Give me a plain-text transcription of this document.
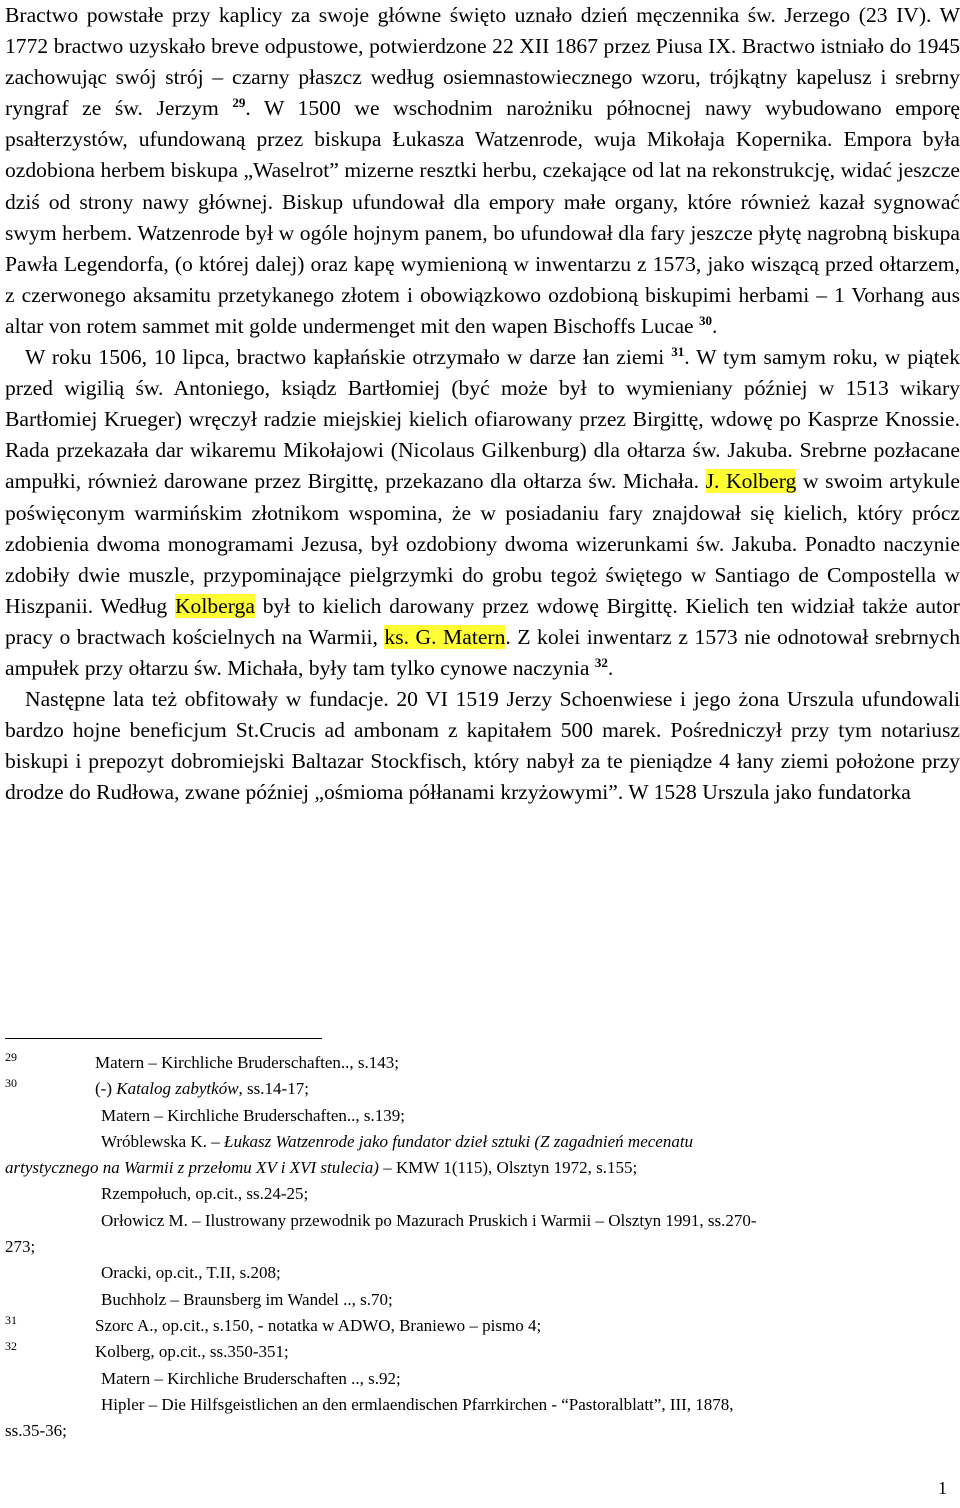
Bractwo powstałe przy kaplicy za swoje główne święto uznało dzień męczennika św. Jerzego (23 IV). W 1772 bractwo uzyskało breve odpustowe, potwierdzone 22 XII 1867 przez Piusa IX. Bractwo istniało do 1945 zachowując swój strój – czarny płaszcz według osiemnastowiecznego wzoru, trójkątny kapelusz i srebrny ryngraf ze św. Jerzym $^{29}$. W 1500 we wschodnim narożniku północnej nawy wybudowano emporę psałterzystów, ufundowaną przez biskupa Łukasza Watzenrode, wuja Mikołaja Kopernika. Empora była ozdobiona herbem biskupa „Waselrot” mizerne resztki herbu, czekające od lat na rekonstrukcję, widać jeszcze dziś od strony nawy głównej. Biskup ufundował dla empory małe organy, które również kazał sygnować swym herbem. Watzenrode był w ogóle hojnym panem, bo ufundował dla fary jeszcze płytę nagrobną biskupa Pawła Legendorfa, (o której dalej) oraz kapę wymienioną w inwentarzu z 1573, jako wiszącą przed ołtarzem, z czerwonego aksamitu przetykanego złotem i obowiązkowo ozdobioną biskupimi herbami – 1 Vorhang aus altar von rotem sammet mit golde undermenget mit den wapen Bischoffs Lucae $^{30}$.

W roku 1506, 10 lipca, bractwo kapłańskie otrzymało w darze łan ziemi $^{31}$. W tym samym roku, w piątek przed wigilią św. Antoniego, ksiądz Bartłomiej (być może był to wymieniany później w 1513 wikary Bartłomiej Krueger) wręczył radzie miejskiej kielich ofiarowany przez Birgittę, wdowę po Kasprze Knossie. Rada przekazała dar wikaremu Mikołajowi (Nicolaus Gilkenburg) dla ołtarza św. Jakuba. Srebrne pozłacane ampułki, również darowane przez Birgittę, przekazano dla ołtarza św. Michała. J. Kolberg w swoim artykule poświęconym warmińskim złotnikom wspomina, że w posiadaniu fary znajdował się kielich, który prócz zdobienia dwoma monogramami Jezusa, był ozdobiony dwoma wizerunkami św. Jakuba. Ponadto naczynie zdobiły dwie muszle, przypominające pielgrzymki do grobu tegoż świętego w Santiago de Compostella w Hiszpanii. Według Kolberga był to kielich darowany przez wdowę Birgittę. Kielich ten widział także autor pracy o bractwach kościelnych na Warmii, ks. G. Matern. Z kolei inwentarz z 1573 nie odnotował srebrnych ampułek przy ołtarzu św. Michała, były tam tylko cynowe naczynia $^{32}$.

Następne lata też obfitowały w fundacje. 20 VI 1519 Jerzy Schoenwiese i jego żona Urszula ufundowali bardzo hojne beneficjum St.Crucis ad ambonam z kapitałem 500 marek. Pośredniczył przy tym notariusz biskupi i prepozyt dobromiejski Baltazar Stockfisch, który nabył za te pieniądze 4 łany ziemi położone przy drodze do Rudłowa, zwane później „ośmioma półłanami krzyżowymi”. W 1528 Urszula jako fundatorka

29	Matern – Kirchliche Bruderschaften.., s.143;
30	(-) Katalog zabytków, ss.14-17;
Matern – Kirchliche Bruderschaften.., s.139;
Wróblewska K. – Łukasz Watzenrode jako fundator dzieł sztuki (Z zagadnień mecenatu
artystycznego na Warmii z przełomu XV i XVI stulecia) – KMW 1(115), Olsztyn 1972, s.155;
Rzempołuch, op.cit., ss.24-25;
Orłowicz M. – Ilustrowany przewodnik po Mazurach Pruskich i Warmii – Olsztyn 1991, ss.270-
273;
Oracki, op.cit., T.II, s.208;
Buchholz – Braunsberg im Wandel .., s.70;
31	Szorc A., op.cit., s.150, - notatka w ADWO, Braniewo – pismo 4;
32	Kolberg, op.cit., ss.350-351;
Matern – Kirchliche Bruderschaften .., s.92;
Hipler – Die Hilfsgeistlichen an den ermlaendischen Pfarrkirchen - “Pastoralblatt”, III, 1878,
ss.35-36;
1
